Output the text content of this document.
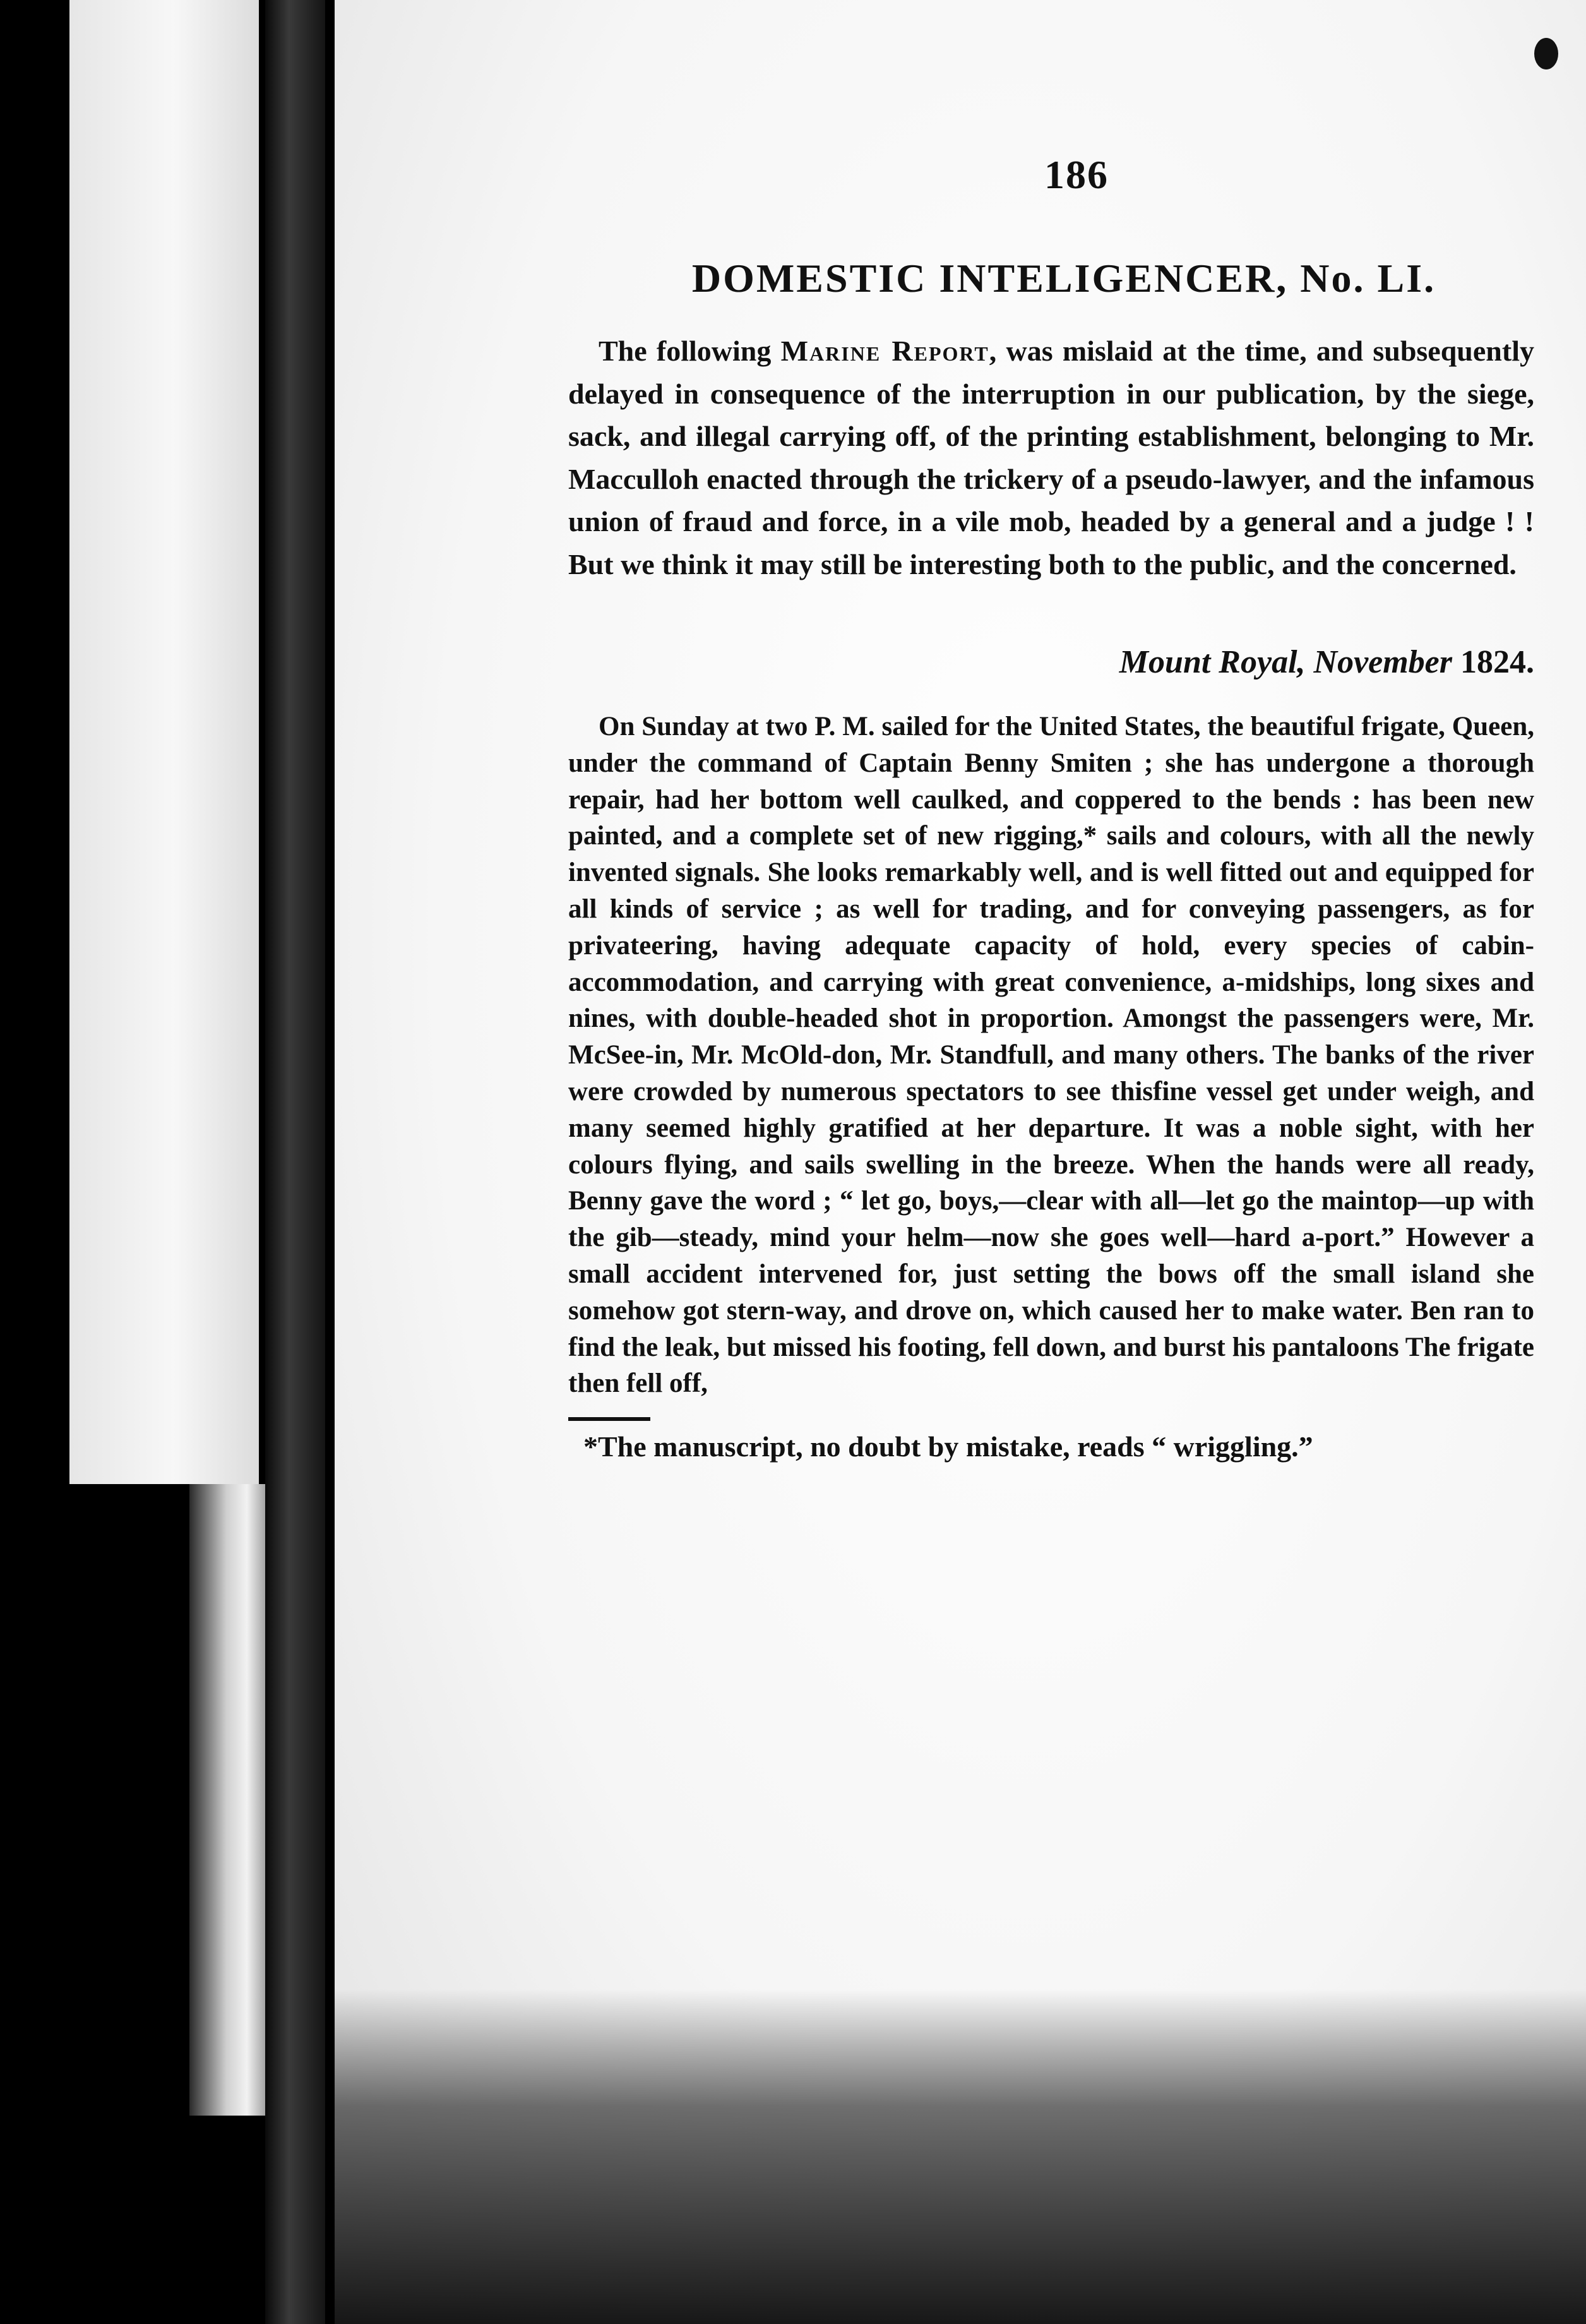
186
DOMESTIC INTELIGENCER, No. LI.

The following Marine Report, was mislaid at the time, and subsequently delayed in consequence of the interruption in our publication, by the siege, sack, and illegal carrying off, of the printing establishment, belonging to Mr. Macculloh enacted through the trickery of a pseudo-lawyer, and the infamous union of fraud and force, in a vile mob, headed by a general and a judge ! ! But we think it may still be interesting both to the public, and the concerned.

Mount Royal, November 1824.

On Sunday at two P. M. sailed for the United States, the beautiful frigate, Queen, under the command of Captain Benny Smiten ; she has undergone a thorough repair, had her bottom well caulked, and coppered to the bends : has been new painted, and a complete set of new rigging,* sails and colours, with all the newly invented signals. She looks remarkably well, and is well fitted out and equipped for all kinds of service ; as well for trading, and for conveying passengers, as for privateering, having adequate capacity of hold, every species of cabin-accommodation, and carrying with great convenience, a-midships, long sixes and nines, with double-headed shot in proportion. Amongst the passengers were, Mr. McSee-in, Mr. McOld-don, Mr. Standfull, and many others. The banks of the river were crowded by numerous spectators to see thisfine vessel get under weigh, and many seemed highly gratified at her departure. It was a noble sight, with her colours flying, and sails swelling in the breeze. When the hands were all ready, Benny gave the word ; “ let go, boys,—clear with all—let go the maintop—up with the gib—steady, mind your helm—now she goes well—hard a-port.” However a small accident intervened for, just setting the bows off the small island she somehow got stern-way, and drove on, which caused her to make water. Ben ran to find the leak, but missed his footing, fell down, and burst his pantaloons The frigate then fell off,

*The manuscript, no doubt by mistake, reads “ wriggling.”
